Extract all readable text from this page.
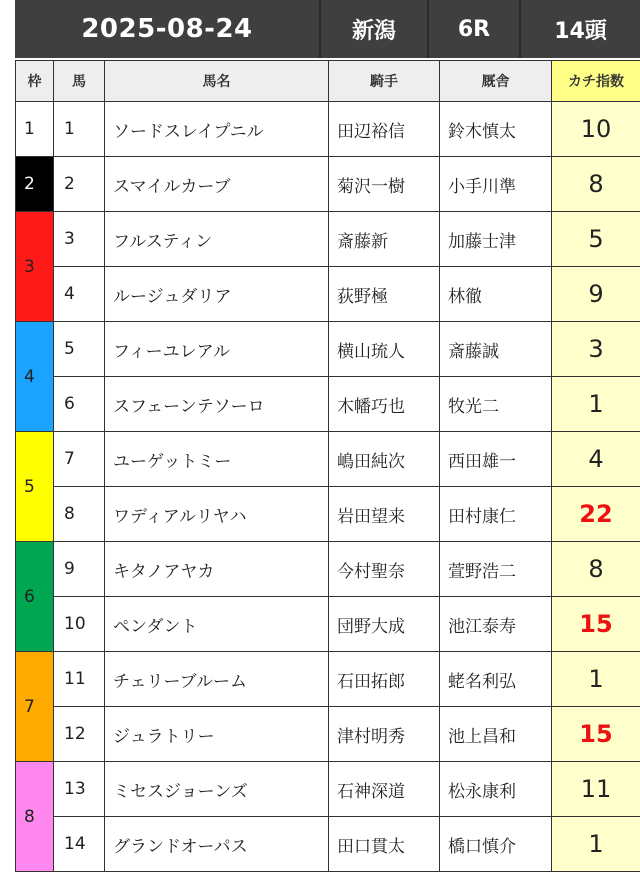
2025-08-24	新潟	6R	14頭
枠	馬	馬名	騎手	厩舎	カチ指数
1	1	ソードスレイプニル	田辺裕信	鈴木慎太	10
2	2	スマイルカーブ	菊沢一樹	小手川準	8
3	3	フルスティン	斎藤新	加藤士津	5
	4	ルージュダリア	荻野極	林徹	9
4	5	フィーユレアル	横山琉人	斎藤誠	3
	6	スフェーンテソーロ	木幡巧也	牧光二	1
5	7	ユーゲットミー	嶋田純次	西田雄一	4
	8	ワディアルリヤハ	岩田望来	田村康仁	22
6	9	キタノアヤカ	今村聖奈	萱野浩二	8
	10	ペンダント	団野大成	池江泰寿	15
7	11	チェリーブルーム	石田拓郎	蛯名利弘	1
	12	ジュラトリー	津村明秀	池上昌和	15
8	13	ミセスジョーンズ	石神深道	松永康利	11
	14	グランドオーパス	田口貫太	橋口慎介	1
